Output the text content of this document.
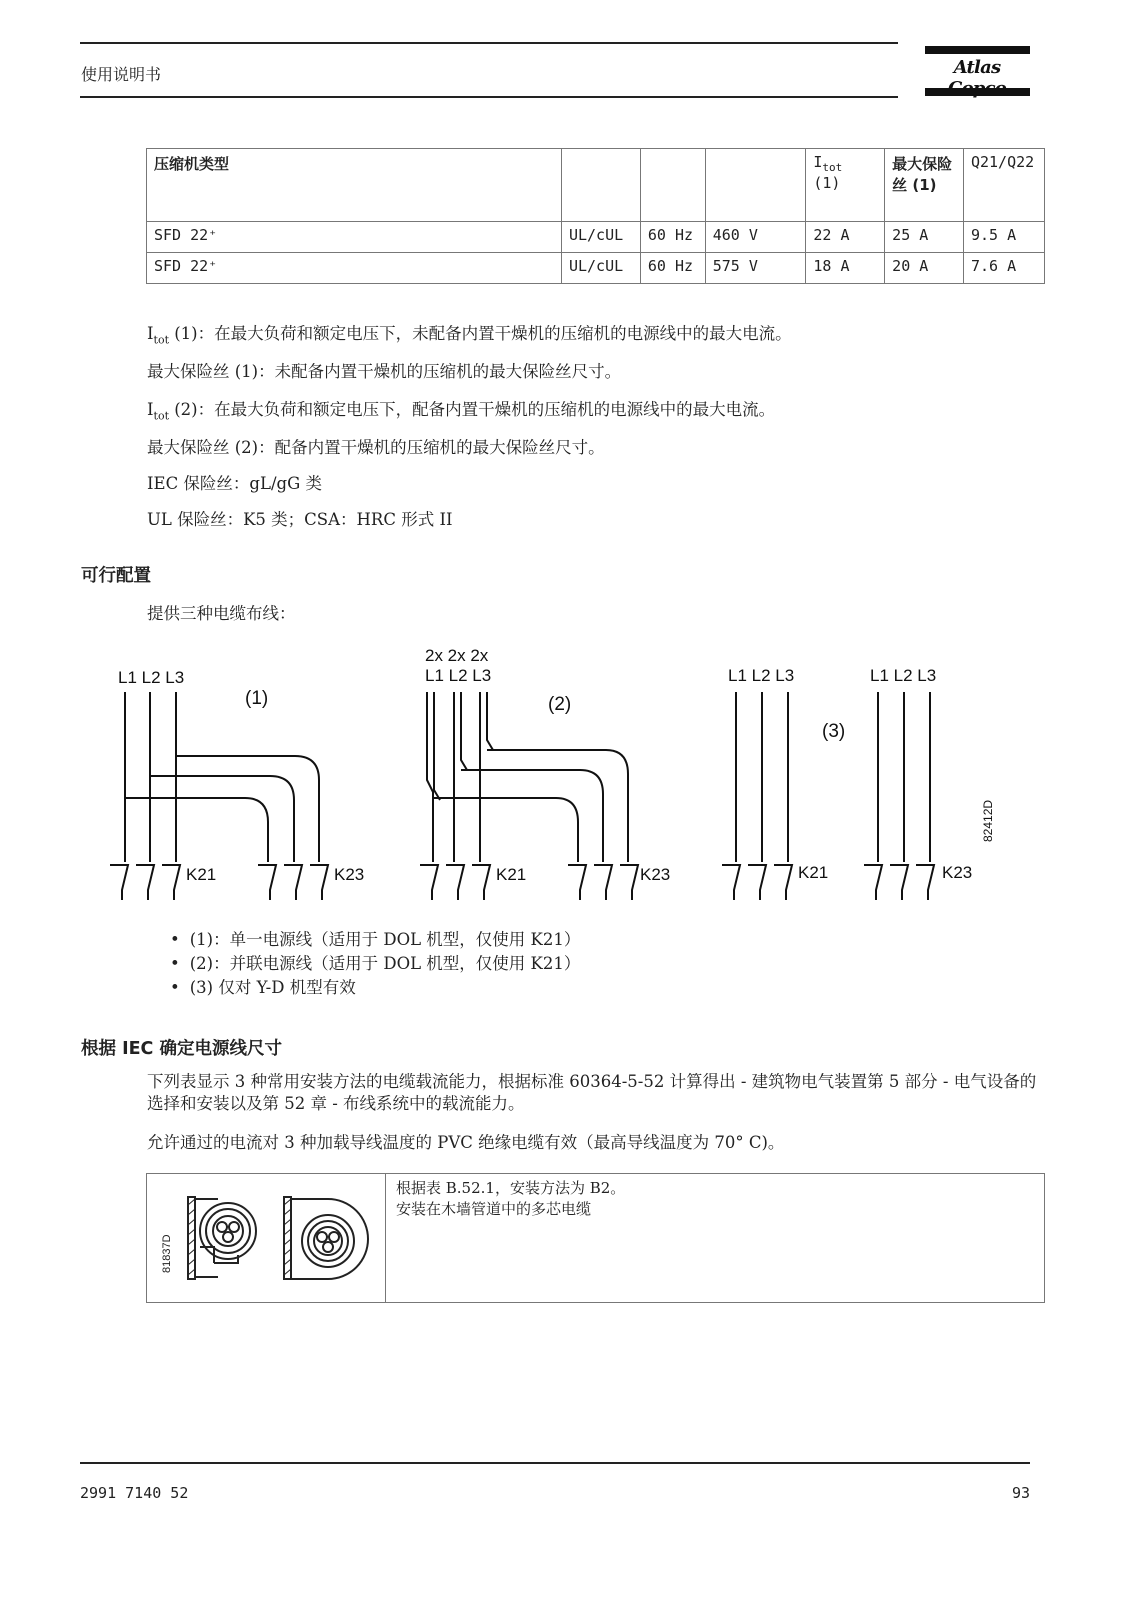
使用说明书	Atlas
压缩机类型				$I_{tot}$ (1)	最大保险丝 (1)	Q21/Q22
SFD 22⁺	UL/cUL	60 Hz	460 V	22 A	25 A	9.5 A
SFD 22⁺	UL/cUL	60 Hz	575 V	18 A	20 A	7.6 A
$I_{tot}$ (1)：在最大负荷和额定电压下，未配备内置干燥机的压缩机的电源线中的最大电流。
最大保险丝 (1)：未配备内置干燥机的压缩机的最大保险丝尺寸。
$I_{tot}$ (2)：在最大负荷和额定电压下，配备内置干燥机的压缩机的电源线中的最大电流。
最大保险丝 (2)：配备内置干燥机的压缩机的最大保险丝尺寸。
IEC 保险丝：gL/gG 类
UL 保险丝：K5 类；CSA：HRC 形式 II
可行配置
提供三种电缆布线：
L1 L2 L3
(1)
K21	K23
2x 2x 2x
L1 L2 L3
(2)
K21	K23
L1 L2 L3	L1 L2 L3
(3)
K21	K23
82412D
• (1)：单一电源线（适用于 DOL 机型，仅使用 K21）
• (2)：并联电源线（适用于 DOL 机型，仅使用 K21）
• (3) 仅对 Y-D 机型有效
根据 IEC 确定电源线尺寸
下列表显示 3 种常用安装方法的电缆载流能力，根据标准 60364-5-52 计算得出 - 建筑物电气装置第 5 部分 - 电气设备的选择和安装以及第 52 章 - 布线系统中的载流能力。
允许通过的电流对 3 种加载导线温度的 PVC 绝缘电缆有效（最高导线温度为 70° C)。
81837D

根据表 B.52.1，安装方法为 B2。
安装在木墙管道中的多芯电缆
2991 7140 52	93
